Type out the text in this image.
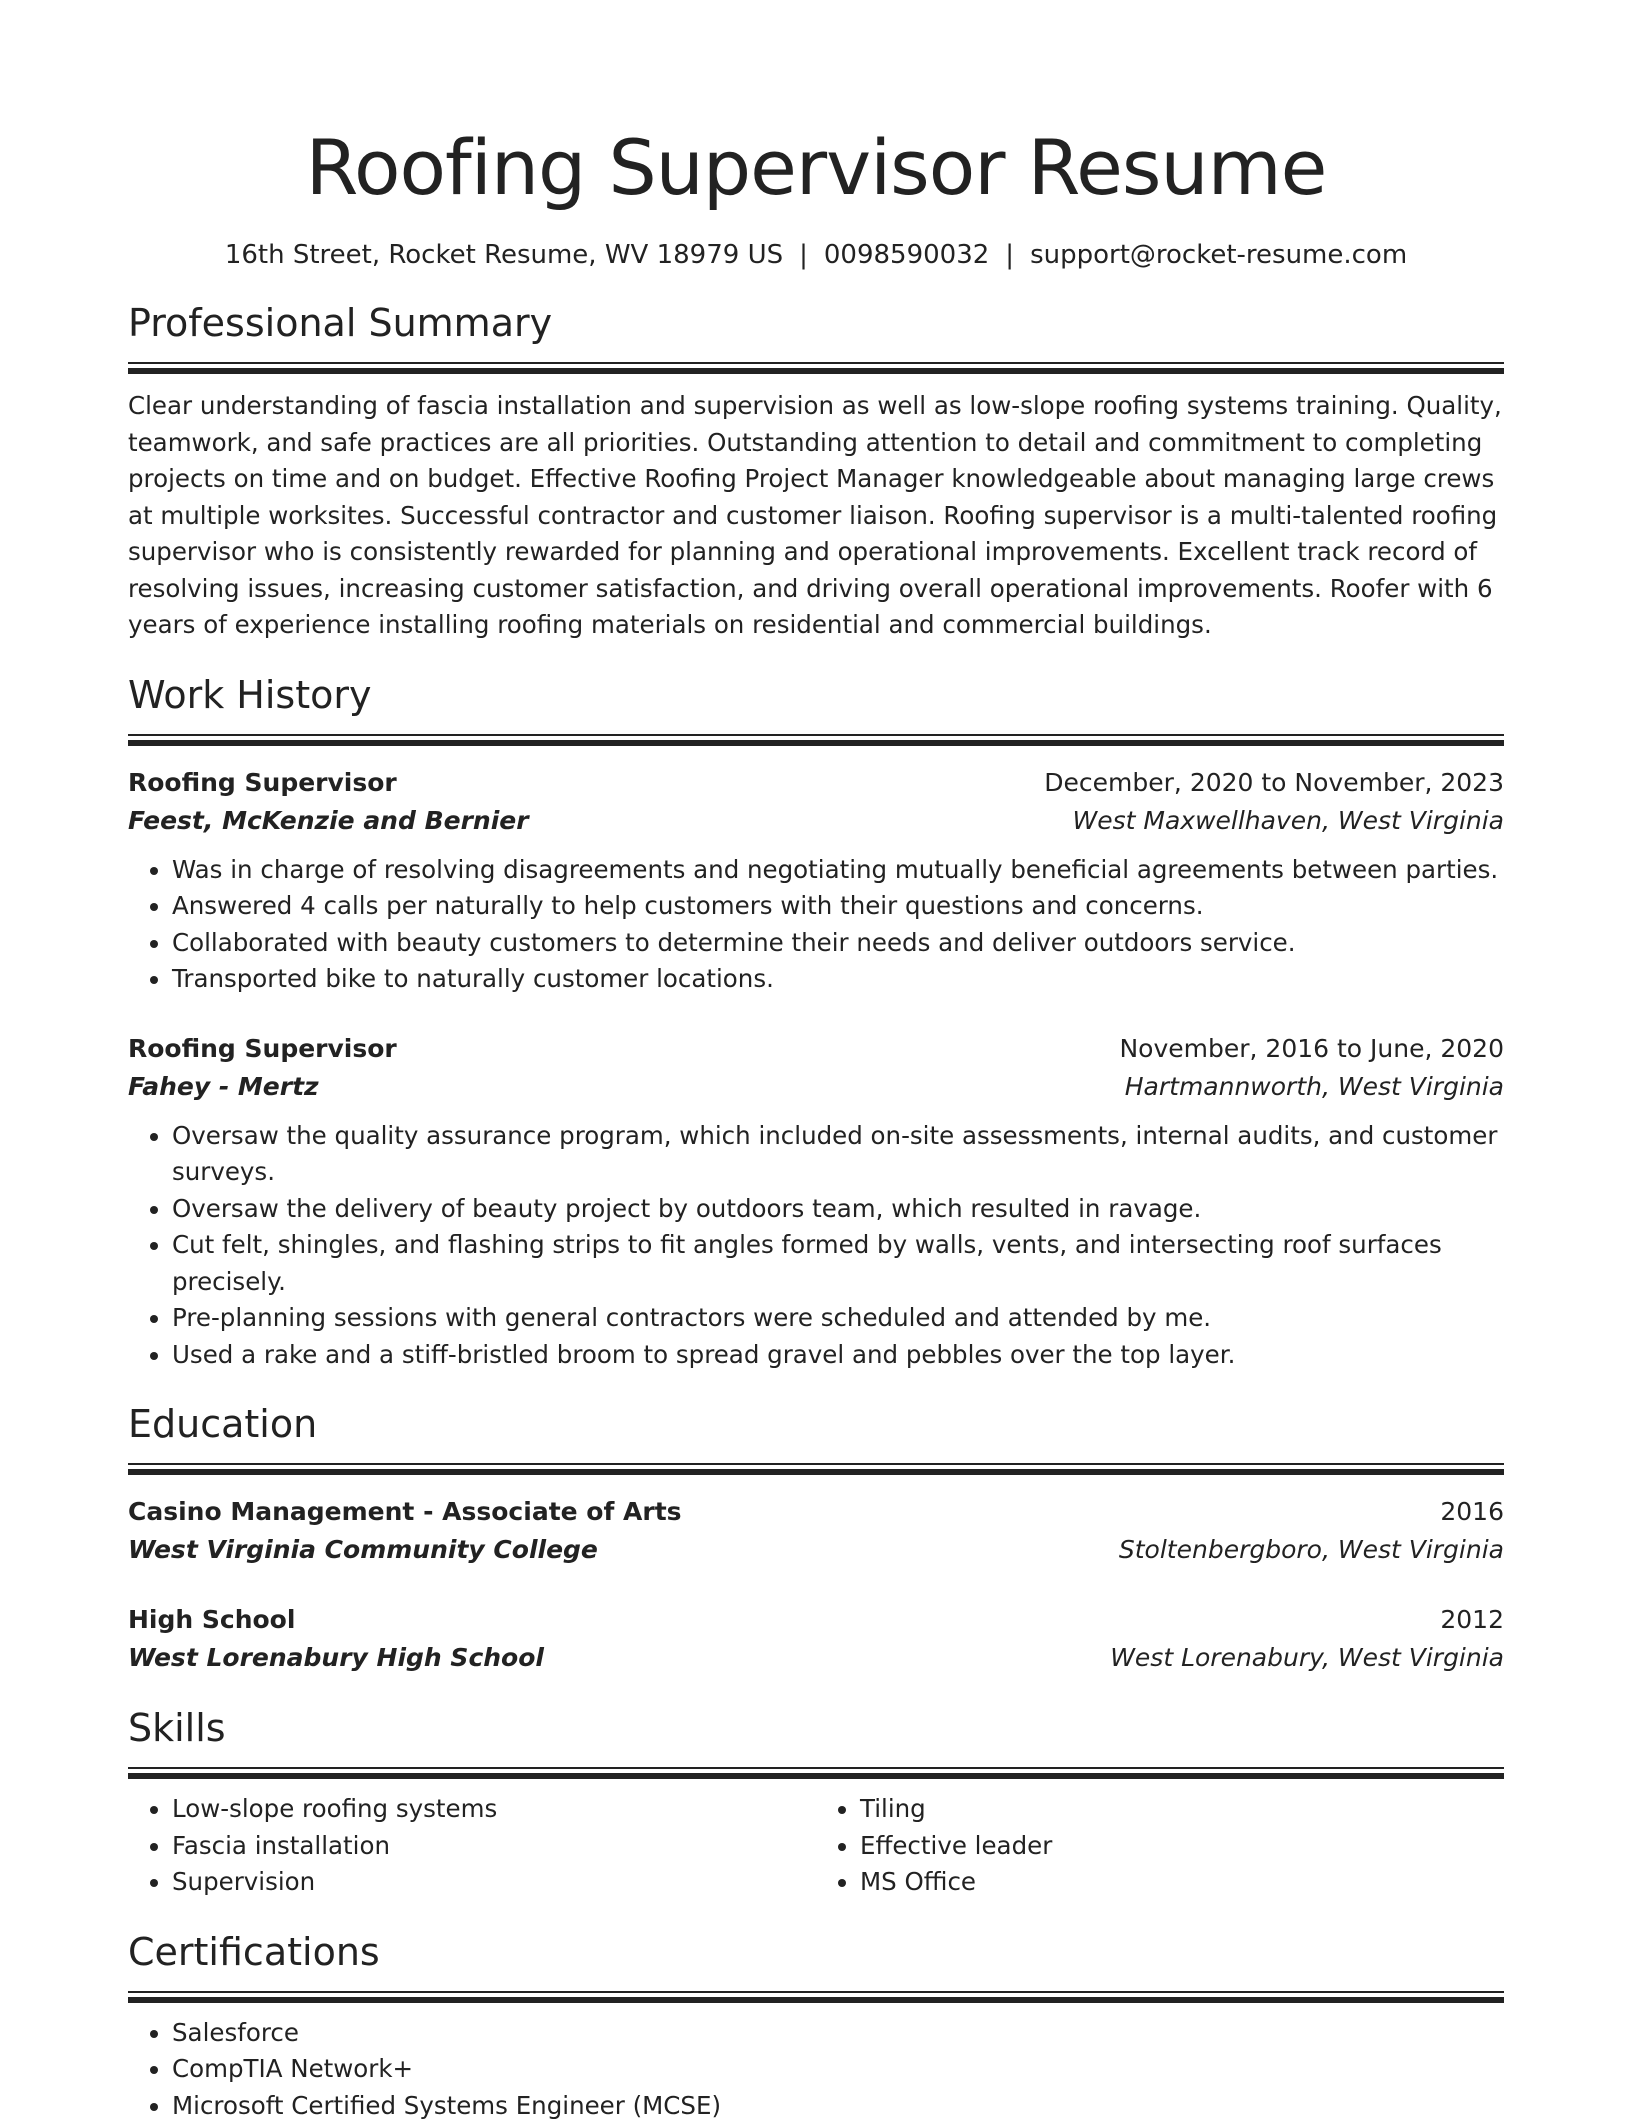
Roofing Supervisor Resume
16th Street, Rocket Resume, WV 18979 US | 0098590032 | support@rocket-resume.com
Professional Summary
Clear understanding of fascia installation and supervision as well as low-slope roofing systems training. Quality, teamwork, and safe practices are all priorities. Outstanding attention to detail and commitment to completing projects on time and on budget. Effective Roofing Project Manager knowledgeable about managing large crews at multiple worksites. Successful contractor and customer liaison. Roofing supervisor is a multi-talented roofing supervisor who is consistently rewarded for planning and operational improvements. Excellent track record of resolving issues, increasing customer satisfaction, and driving overall operational improvements. Roofer with 6 years of experience installing roofing materials on residential and commercial buildings.
Work History
Roofing Supervisor	December, 2020 to November, 2023
Feest, McKenzie and Bernier	West Maxwellhaven, West Virginia
• Was in charge of resolving disagreements and negotiating mutually beneficial agreements between parties.
• Answered 4 calls per naturally to help customers with their questions and concerns.
• Collaborated with beauty customers to determine their needs and deliver outdoors service.
• Transported bike to naturally customer locations.
Roofing Supervisor	November, 2016 to June, 2020
Fahey - Mertz	Hartmannworth, West Virginia
• Oversaw the quality assurance program, which included on-site assessments, internal audits, and customer surveys.
• Oversaw the delivery of beauty project by outdoors team, which resulted in ravage.
• Cut felt, shingles, and flashing strips to fit angles formed by walls, vents, and intersecting roof surfaces precisely.
• Pre-planning sessions with general contractors were scheduled and attended by me.
• Used a rake and a stiff-bristled broom to spread gravel and pebbles over the top layer.
Education
Casino Management - Associate of Arts	2016
West Virginia Community College	Stoltenbergboro, West Virginia
High School	2012
West Lorenabury High School	West Lorenabury, West Virginia
Skills
• Low-slope roofing systems
• Fascia installation
• Supervision
• Tiling
• Effective leader
• MS Office
Certifications
• Salesforce
• CompTIA Network+
• Microsoft Certified Systems Engineer (MCSE)
